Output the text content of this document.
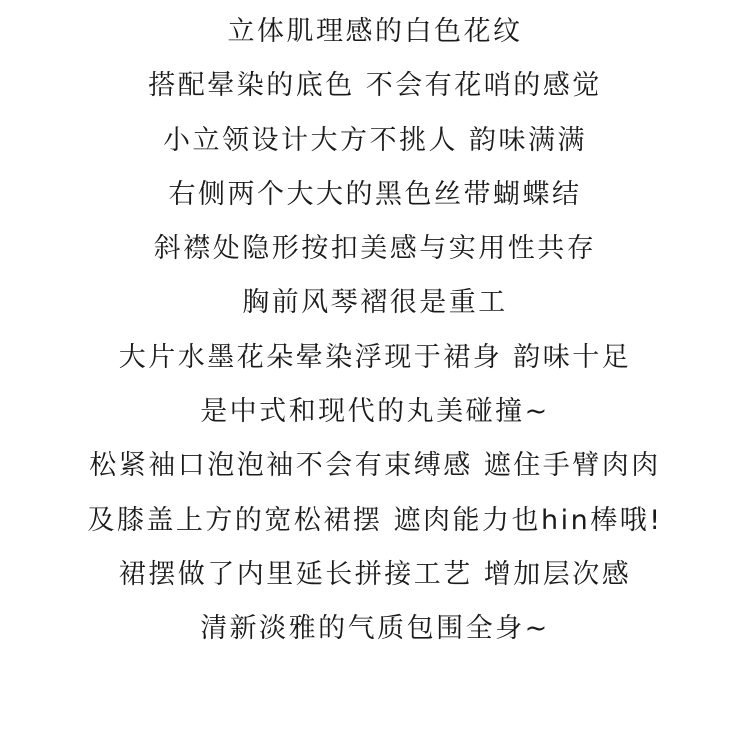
立体肌理感的白色花纹
搭配晕染的底色 不会有花哨的感觉
小立领设计大方不挑人 韵味满满
右侧两个大大的黑色丝带蝴蝶结
斜襟处隐形按扣美感与实用性共存
胸前风琴褶很是重工
大片水墨花朵晕染浮现于裙身 韵味十足
是中式和现代的丸美碰撞~
松紧袖口泡泡袖不会有束缚感 遮住手臂肉肉
及膝盖上方的宽松裙摆 遮肉能力也hin棒哦!
裙摆做了内里延长拼接工艺 增加层次感
清新淡雅的气质包围全身~
